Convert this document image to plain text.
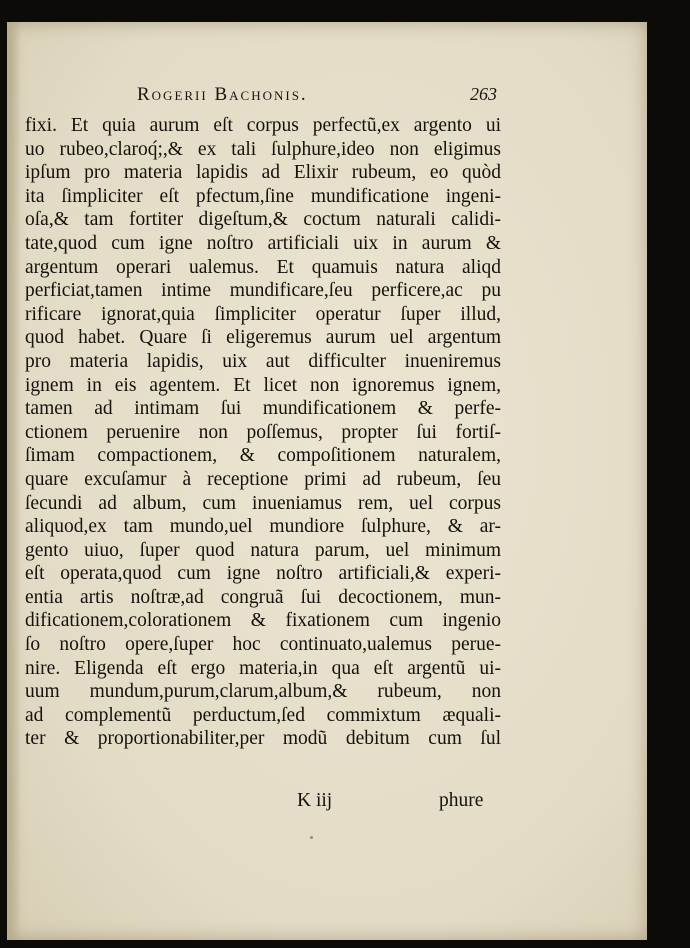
Rogerii Bachonis.	263
fixi. Et quia aurum eſt corpus perfectũ,ex argento ui
uo rubeo,claroq́;,& ex tali ſulphure,ideo non eligimus
ipſum pro materia lapidis ad Elixir rubeum, eo quòd
ita ſimpliciter eſt pfectum,ſine mundificatione ingeni-
oſa,& tam fortiter digeſtum,& coctum naturali calidi-
tate,quod cum igne noſtro artificiali uix in aurum &
argentum operari ualemus. Et quamuis natura aliqd
perficiat,tamen intime mundificare,ſeu perficere,ac pu
rificare ignorat,quia ſimpliciter operatur ſuper illud,
quod habet. Quare ſi eligeremus aurum uel argentum
pro materia lapidis, uix aut difficulter inueniremus
ignem in eis agentem. Et licet non ignoremus ignem,
tamen ad intimam ſui mundificationem & perfe-
ctionem peruenire non poſſemus, propter ſui fortiſ-
ſimam compactionem, & compoſitionem naturalem,
quare excuſamur à receptione primi ad rubeum, ſeu
ſecundi ad album, cum inueniamus rem, uel corpus
aliquod,ex tam mundo,uel mundiore ſulphure, & ar-
gento uiuo, ſuper quod natura parum, uel minimum
eſt operata,quod cum igne noſtro artificiali,& experi-
entia artis noſtræ,ad congruã ſui decoctionem, mun-
dificationem,colorationem & fixationem cum ingenio
ſo noſtro opere,ſuper hoc continuato,ualemus perue-
nire. Eligenda eſt ergo materia,in qua eſt argentũ ui-
uum mundum,purum,clarum,album,& rubeum, non
ad complementũ perductum,ſed commixtum æquali-
ter & proportionabiliter,per modũ debitum cum ſul
K iij	phure
